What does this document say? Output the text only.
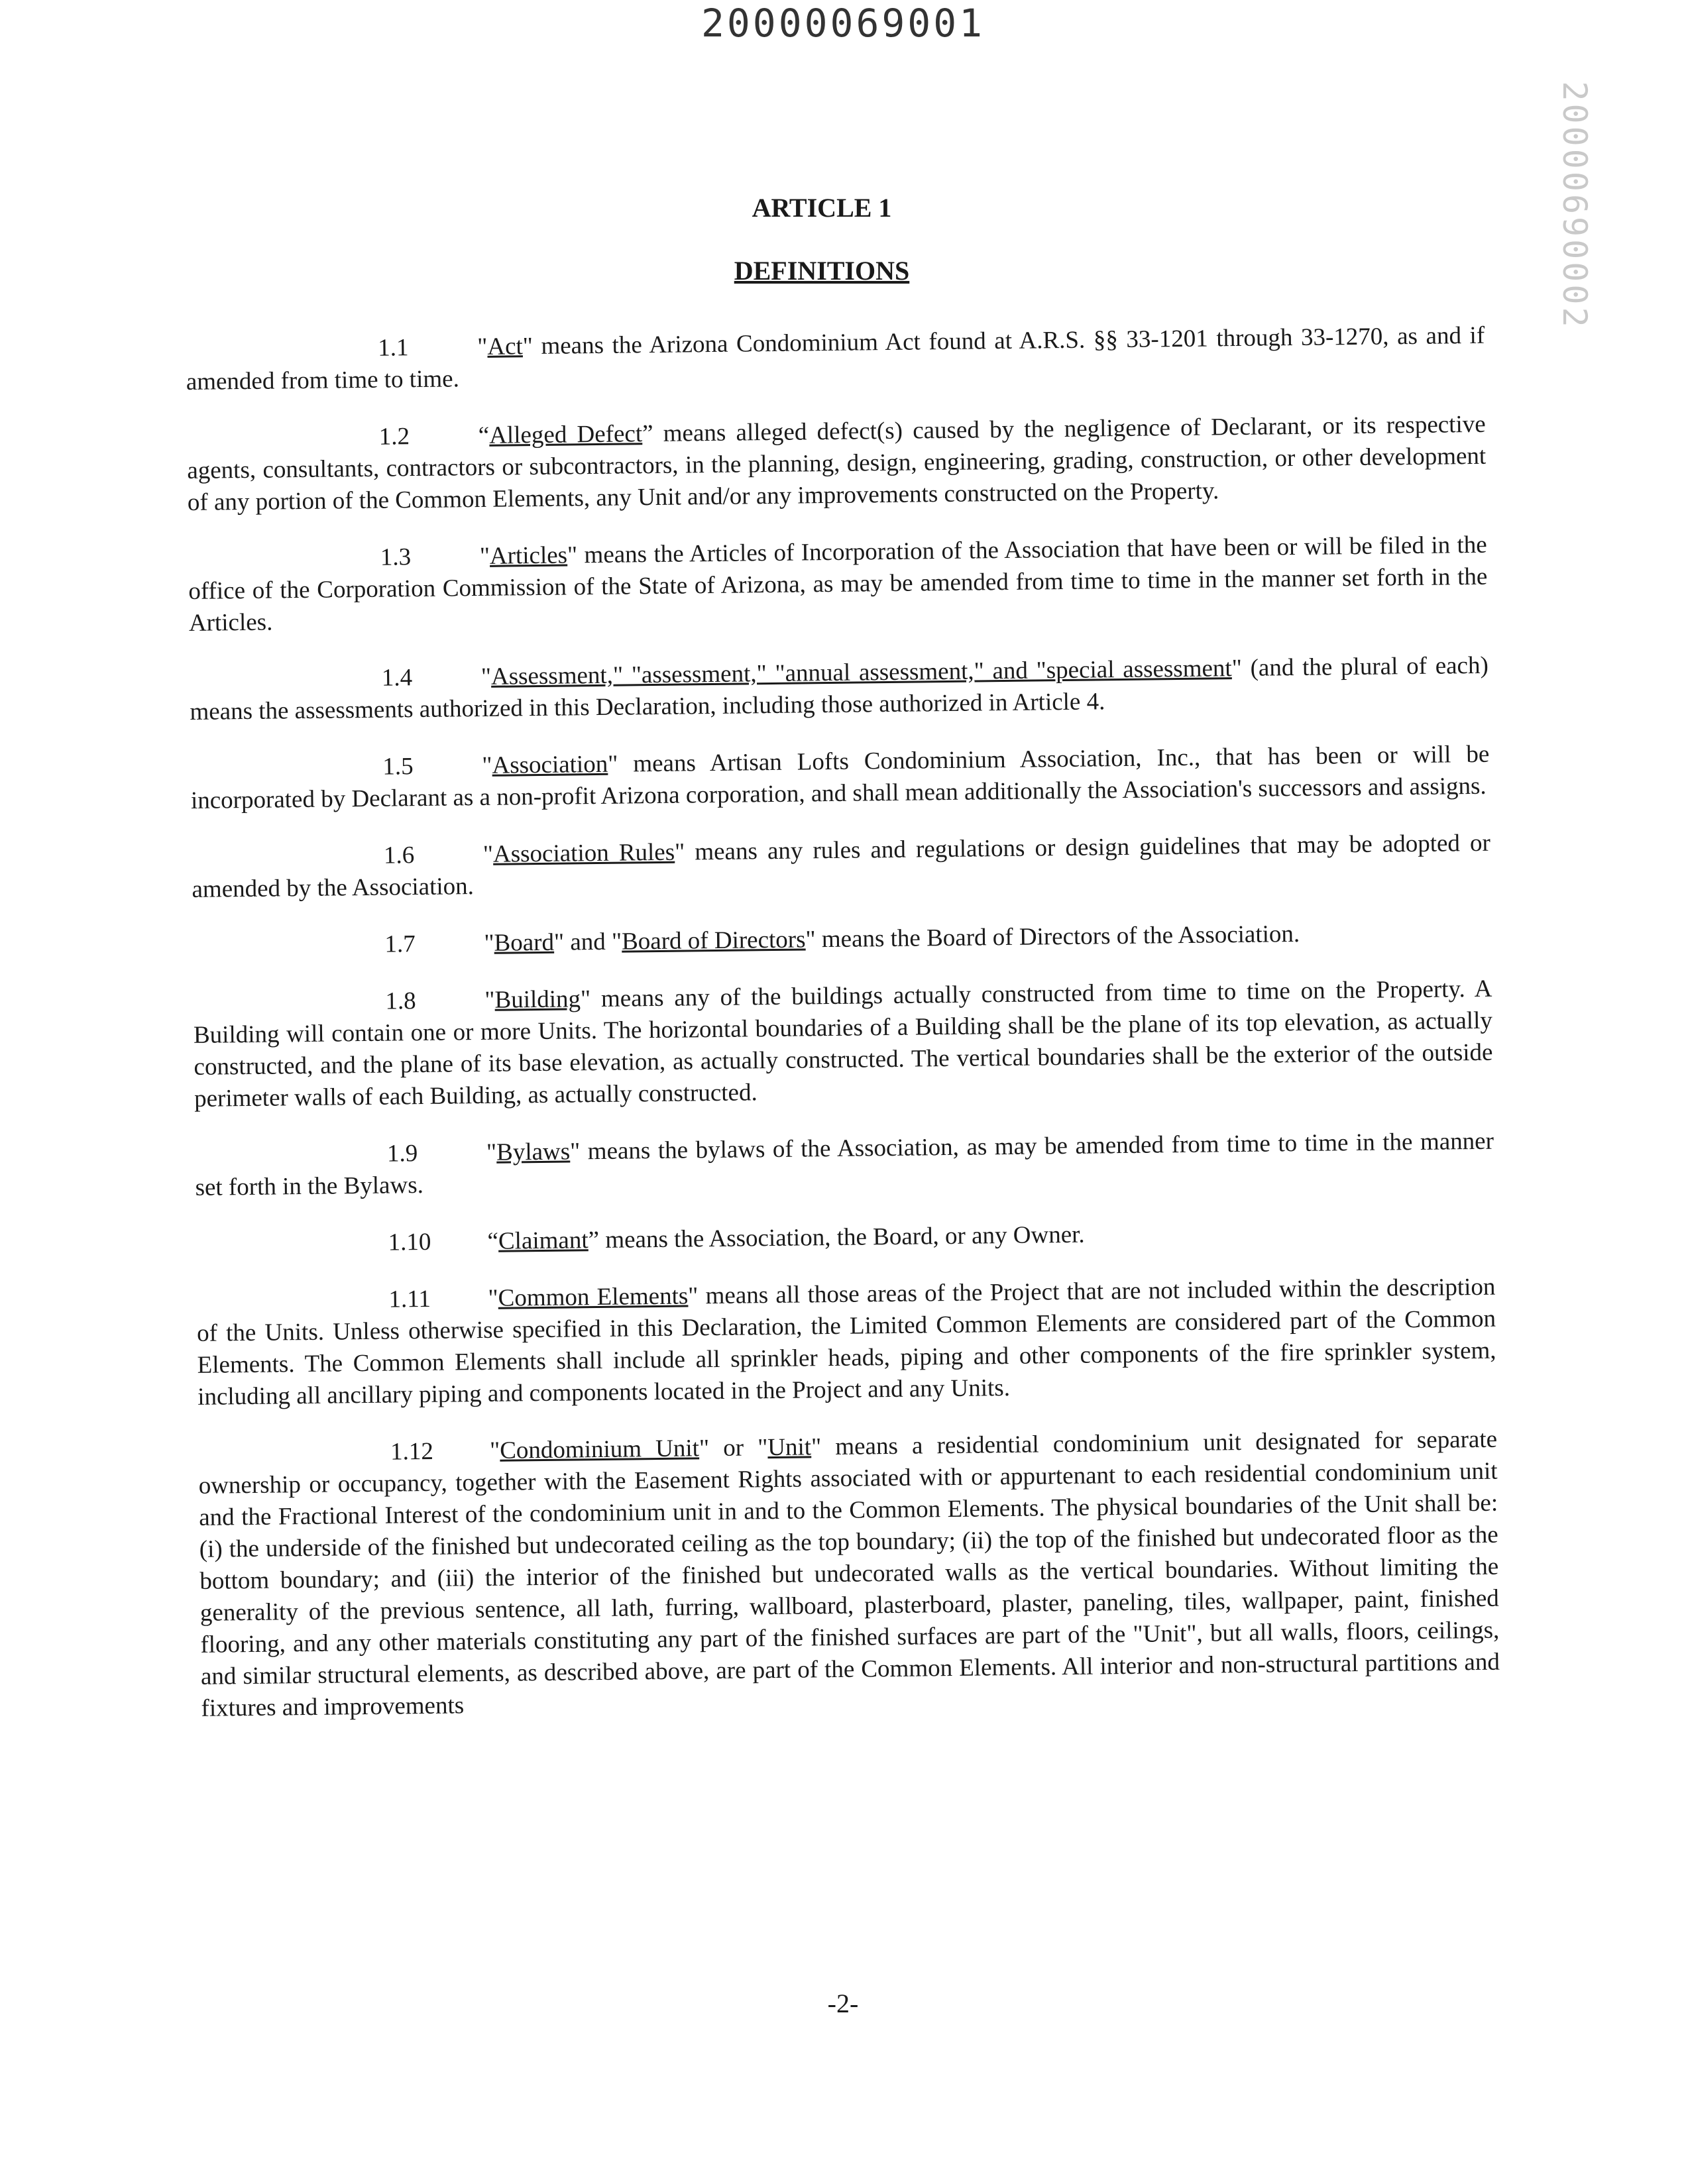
20000069001
20000690002
ARTICLE 1
DEFINITIONS

1.1	"Act" means the Arizona Condominium Act found at A.R.S. §§ 33-1201 through 33-1270, as and if amended from time to time.

1.2	“Alleged Defect” means alleged defect(s) caused by the negligence of Declarant, or its respective agents, consultants, contractors or subcontractors, in the planning, design, engineering, grading, construction, or other development of any portion of the Common Elements, any Unit and/or any improvements constructed on the Property.

1.3	"Articles" means the Articles of Incorporation of the Association that have been or will be filed in the office of the Corporation Commission of the State of Arizona, as may be amended from time to time in the manner set forth in the Articles.

1.4	"Assessment," "assessment," "annual assessment," and "special assessment" (and the plural of each) means the assessments authorized in this Declaration, including those authorized in Article 4.

1.5	"Association" means Artisan Lofts Condominium Association, Inc., that has been or will be incorporated by Declarant as a non-profit Arizona corporation, and shall mean additionally the Association's successors and assigns.

1.6	"Association Rules" means any rules and regulations or design guidelines that may be adopted or amended by the Association.

1.7	"Board" and "Board of Directors" means the Board of Directors of the Association.

1.8	"Building" means any of the buildings actually constructed from time to time on the Property. A Building will contain one or more Units. The horizontal boundaries of a Building shall be the plane of its top elevation, as actually constructed, and the plane of its base elevation, as actually constructed. The vertical boundaries shall be the exterior of the outside perimeter walls of each Building, as actually constructed.

1.9	"Bylaws" means the bylaws of the Association, as may be amended from time to time in the manner set forth in the Bylaws.

1.10 “Claimant” means the Association, the Board, or any Owner.

1.11 "Common Elements" means all those areas of the Project that are not included within the description of the Units. Unless otherwise specified in this Declaration, the Limited Common Elements are considered part of the Common Elements. The Common Elements shall include all sprinkler heads, piping and other components of the fire sprinkler system, including all ancillary piping and components located in the Project and any Units.

1.12 "Condominium Unit" or "Unit" means a residential condominium unit designated for separate ownership or occupancy, together with the Easement Rights associated with or appurtenant to each residential condominium unit and the Fractional Interest of the condominium unit in and to the Common Elements. The physical boundaries of the Unit shall be: (i) the underside of the finished but undecorated ceiling as the top boundary; (ii) the top of the finished but undecorated floor as the bottom boundary; and (iii) the interior of the finished but undecorated walls as the vertical boundaries. Without limiting the generality of the previous sentence, all lath, furring, wallboard, plasterboard, plaster, paneling, tiles, wallpaper, paint, finished flooring, and any other materials constituting any part of the finished surfaces are part of the "Unit", but all walls, floors, ceilings, and similar structural elements, as described above, are part of the Common Elements. All interior and non-structural partitions and fixtures and improvements

-2-
